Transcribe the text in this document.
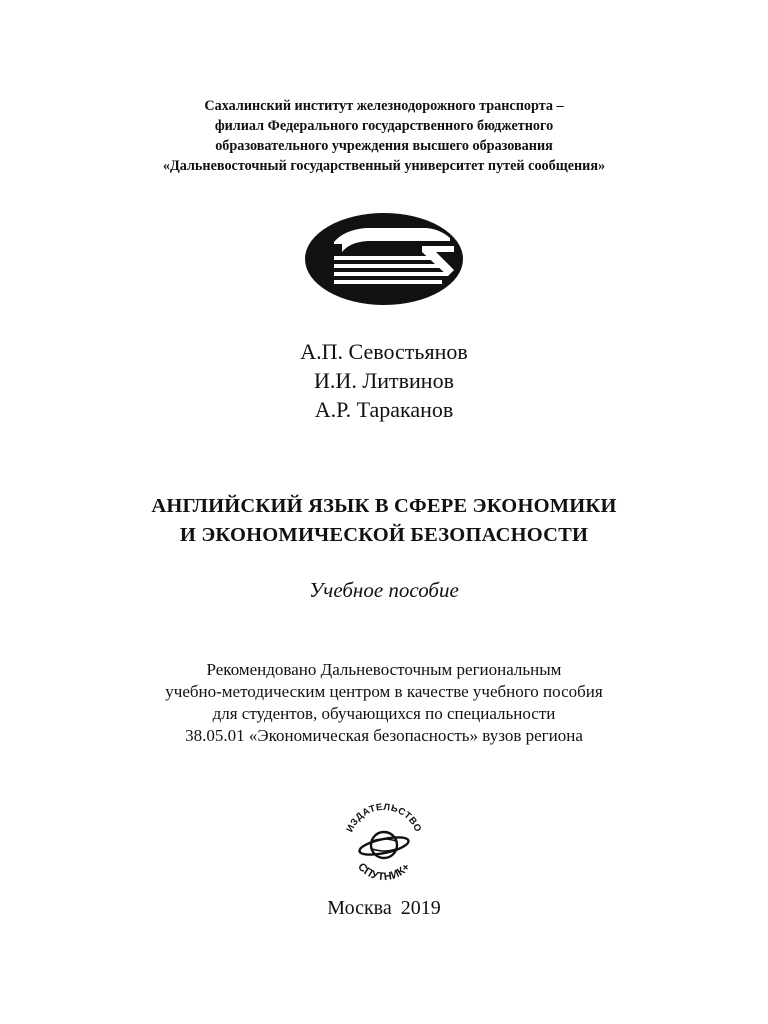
Сахалинский институт железнодорожного транспорта –
филиал Федерального государственного бюджетного
образовательного учреждения высшего образования
«Дальневосточный государственный университет путей сообщения»
А.П. Севостьянов
И.И. Литвинов
А.Р. Тараканов
АНГЛИЙСКИЙ ЯЗЫК В СФЕРЕ ЭКОНОМИКИ
И ЭКОНОМИЧЕСКОЙ БЕЗОПАСНОСТИ
Учебное пособие
Рекомендовано Дальневосточным региональным
учебно-методическим центром в качестве учебного пособия
для студентов, обучающихся по специальности
38.05.01 «Экономическая безопасность» вузов региона
ИЗДАТЕЛЬСТВО
СПУТНИК+
Москва 2019
